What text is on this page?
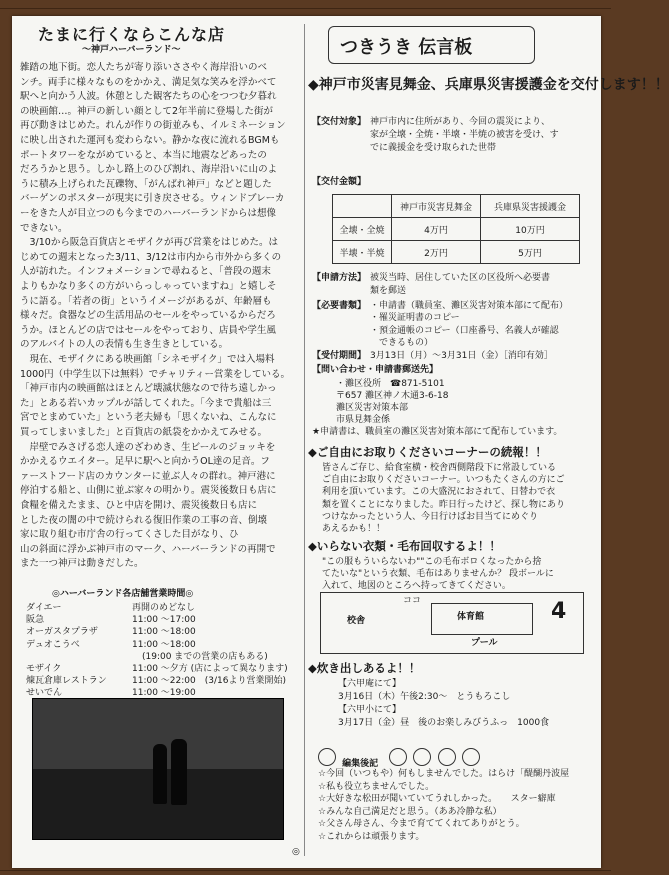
たまに行くならこんな店
〜神戸ハーバーランド〜
雑踏の地下街。恋人たちが寄り添いささやく海岸沿いのベ
ンチ。両手に様々なものをかかえ、満足気な笑みを浮かべて
駅へと向かう人波。休憩とした観客たちの心をつつむ夕暮れ
の映画館…。神戸の新しい顔として2年半前に登場した街が
再び動きはじめた。れんが作りの街並みも、イルミネーション
に映し出された運河も変わらない。静かな夜に流れるBGMも
ポートタワーをながめていると、本当に地震などあったの
だろうかと思う。しかし路上のひび割れ、海岸沿いに山のよ
うに積み上げられた瓦礫物、「がんばれ神戸」などと題した
バーゲンのポスターが現実に引き戻させる。ウィンドブレーカ
ーをきた人が目立つのも今までのハーバーランドからは想像
できない。
　3/10から阪急百貨店とモザイクが再び営業をはじめた。は
じめての週末となった3/11、3/12は市内から市外から多くの
人が訪れた。インフォメーションで尋ねると、「普段の週末
よりもかなり多くの方がいらっしゃっていますね」と嬉しそ
うに語る。「若者の街」というイメージがあるが、年齢層も
様々だ。食器などの生活用品のセールをやっているからだろ
うか。ほとんどの店ではセールをやっており、店員や学生風
のアルバイトの人の表情も生き生きとしている。
　現在、モザイクにある映画館「シネモザイク」では入場料
1000円（中学生以下は無料）でチャリティー営業をしている。
「神戸市内の映画館はほとんど壊滅状態なので待ち遠しかっ
た」とある若いカップルが話してくれた。「今まで貴船は三
宮でとまめていた」という老夫婦も「思くないね、こんなに
買ってしまいました」と百貨店の紙袋をかかえてみせる。
　岸壁でみさげる恋人達のざわめき、生ビールのジョッキを
かかえるウエイター。足早に駅へと向かうOL達の足音。フ
ァーストフード店のカウンターに並ぶ人々の群れ。神戸港に
停泊する船と、山側に並ぶ家々の明かり。震災後数日も店に
食糧を備えたまま、ひと中店を開け、震災後数日も店に
とした夜の闇の中で続けられる復旧作業の工事の音、倒壊
家に取り組む市庁舎の行ってくさした目がなり、ひ
山の斜面に浮かぶ神戸市のマーク、ハーバーランドの再開で
また一つ神戸は動きだした。
◎ハーバーランド各店舗営業時間◎
ダイエー	再開のめどなし
阪急	11:00 〜17:00
オーガスタプラザ	11:00 〜18:00
デュオこうべ	11:00 〜18:00
(19:00 までの営業の店もある)
モザイク	11:00 〜夕方 (店によって異なります)
煉瓦倉庫レストラン	11:00 〜22:00　(3/16より営業開始)
せいでん	11:00 〜19:00
つきうき 伝言板
◆神戸市災害見舞金、兵庫県災害援護金を交付します！！
【交付対象】 神戸市内に住所があり、今回の震災により、
家が全壊・全焼・半壊・半焼の被害を受け、す
でに義援金を受け取られた世帯
【交付金額】
	神戸市災害見舞金	兵庫県災害援護金
全壊・全焼	4万円	10万円
半壊・半焼	2万円	5万円
【申請方法】 被災当時、居住していた区の区役所へ必要書
類を郵送
【必要書類】 ・申請書（職員室、灘区災害対策本部にて配布）
・罹災証明書のコピー
・預金通帳のコピー（口座番号、名義人が確認
　できるもの）
【受付期間】 3月13日（月）〜3月31日（金）［消印有効］
【問い合わせ・申請書郵送先】
・灘区役所　☎871-5101
〒657 灘区神ノ木通3-6-18
灘区災害対策本部
市県見舞金係
★申請書は、職員室の灘区災害対策本部にて配布しています。
◆ご自由にお取りくださいコーナーの続報！！
皆さんご存じ、給食室横・校舎西側階段下に常設している
ご自由にお取りくださいコーナー。いつもたくさんの方にご
利用を頂いています。この大盛況におされて、日替わで衣
類を置くことになりました。昨日行ったけど、探し物にあり
つけなかったという人、今日行けばお目当てにめぐり
あえるかも！！
◆いらない衣類・毛布回収するよ！！
"この服もういらないわ""この毛布ボロくなったから捨
てたいな"という衣類、毛布はありませんか？ 段ボールに
入れて、地図のところへ持ってきてください。
校舎	体育館
プール
ココ	4
◆炊き出しあるよ！！
【六甲庵にて】
3月16日（木）午後2:30〜　とうもろこし
【六甲小にて】
3月17日（金）昼　後のお楽しみびうふっ　1000食
編集後記
☆今回（いつもや）何もしませんでした。はらけ「醍醐丹波屋
☆私も役立ちませんでした。
☆大好きな松田が聞いていてうれしかった。　　スター癖庫
☆みんな自己満足だと思う。（ああ冷静な私）
☆父さん母さん、今まで育ててくれてありがとう。
☆これからは頑張ります。
◎
